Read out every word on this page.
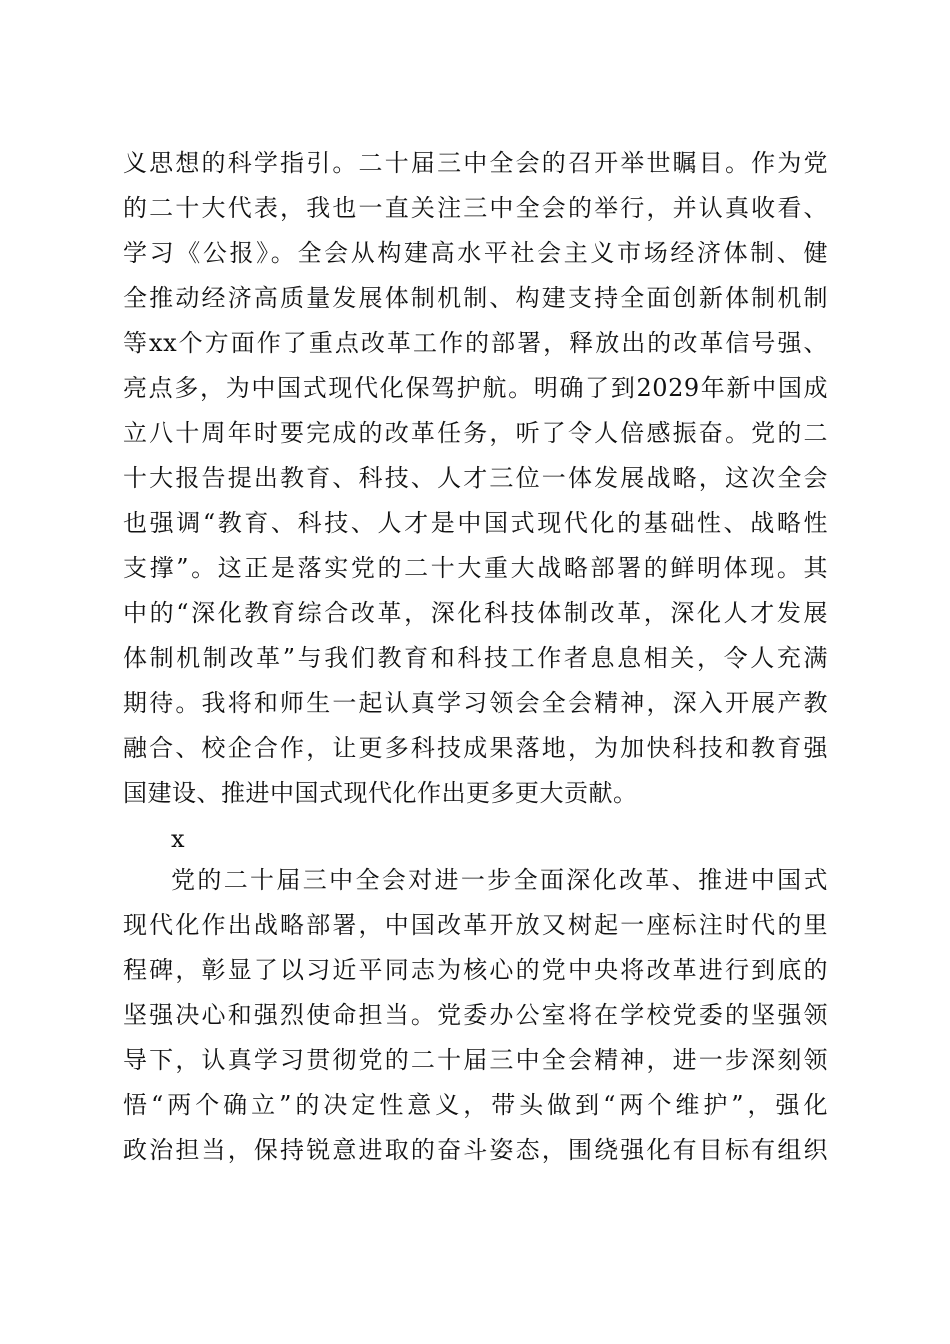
义思想的科学指引。二十届三中全会的召开举世瞩目。作为党
的二十大代表，我也一直关注三中全会的举行，并认真收看、
学习《公报》。全会从构建高水平社会主义市场经济体制、健
全推动经济高质量发展体制机制、构建支持全面创新体制机制
等xx个方面作了重点改革工作的部署，释放出的改革信号强、
亮点多，为中国式现代化保驾护航。明确了到2029年新中国成
立八十周年时要完成的改革任务，听了令人倍感振奋。党的二
十大报告提出教育、科技、人才三位一体发展战略，这次全会
也强调“教育、科技、人才是中国式现代化的基础性、战略性
支撑”。这正是落实党的二十大重大战略部署的鲜明体现。其
中的“深化教育综合改革，深化科技体制改革，深化人才发展
体制机制改革”与我们教育和科技工作者息息相关，令人充满
期待。我将和师生一起认真学习领会全会精神，深入开展产教
融合、校企合作，让更多科技成果落地，为加快科技和教育强
国建设、推进中国式现代化作出更多更大贡献。
x
党的二十届三中全会对进一步全面深化改革、推进中国式
现代化作出战略部署，中国改革开放又树起一座标注时代的里
程碑，彰显了以习近平同志为核心的党中央将改革进行到底的
坚强决心和强烈使命担当。党委办公室将在学校党委的坚强领
导下，认真学习贯彻党的二十届三中全会精神，进一步深刻领
悟“两个确立”的决定性意义，带头做到“两个维护”，强化
政治担当，保持锐意进取的奋斗姿态，围绕强化有目标有组织
